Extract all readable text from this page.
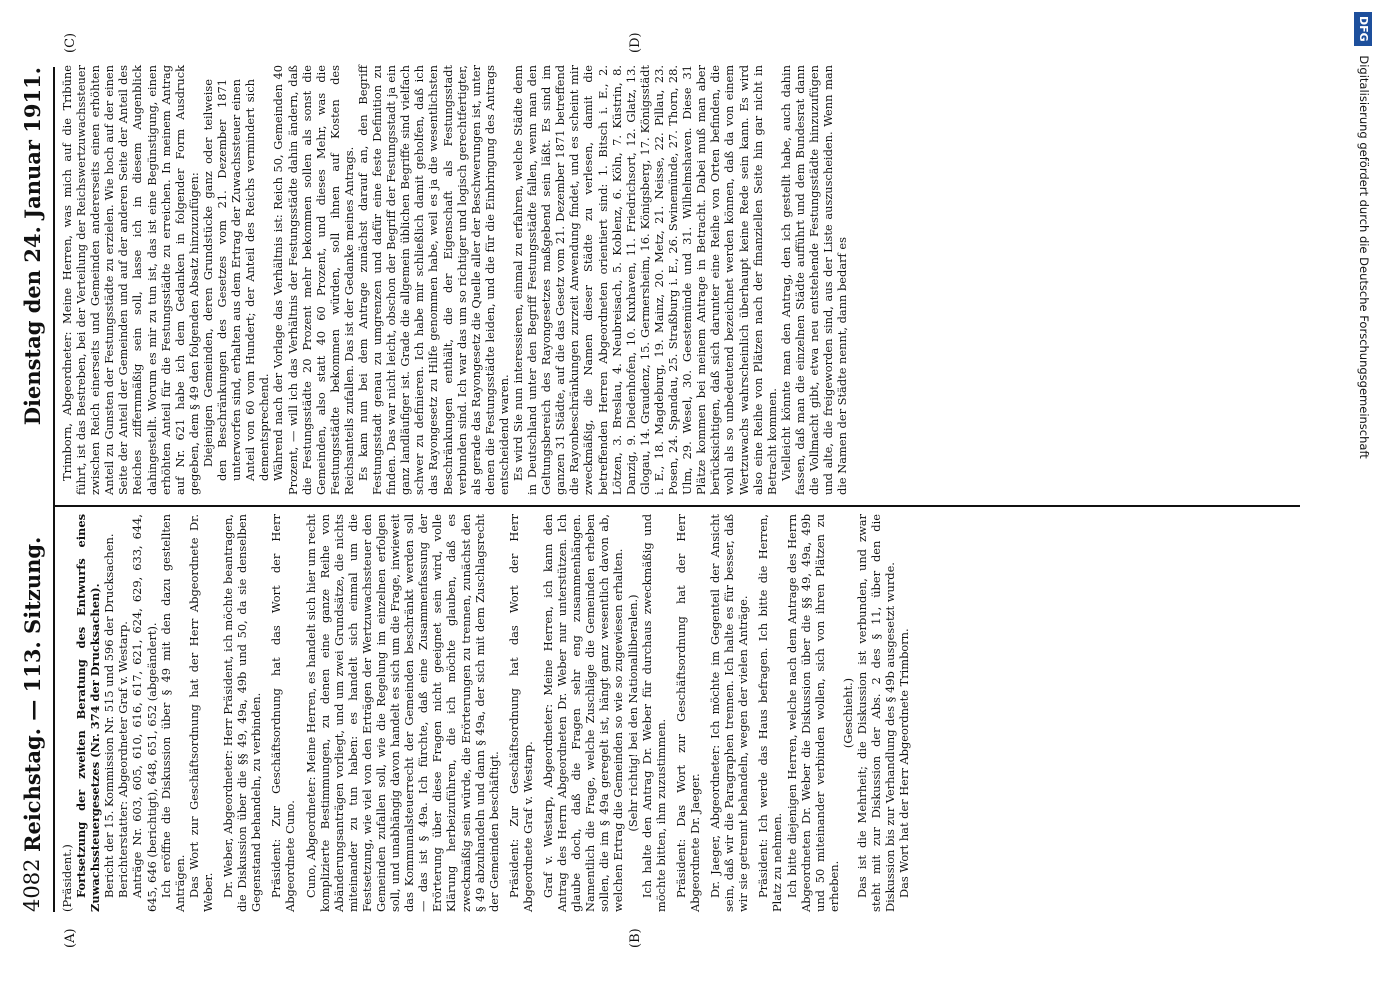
4082
Reichstag. — 113. Sitzung.
Dienstag den 24. Januar 1911.
(A)	(B)
(C)	(D)

(Präsident.) Fortsetzung der zweiten Beratung des Entwurfs eines Zuwachssteuergesetzes (Nr. 374 der Drucksachen). Bericht der 15. Kommission Nr. 515 und 596 der Drucksachen. Berichterstatter: Abgeordneter Graf v. Westarp. Anträge Nr. 603, 605, 610, 616, 617, 621, 624, 629, 633, 644, 645, 646 (berichtigt), 648, 651, 652 (abgeändert). Ich eröffne die Diskussion über § 49 mit den dazu gestellten Anträgen. Das Wort zur Geschäftsordnung hat der Herr Abgeordnete Dr. Weber. Dr. Weber, Abgeordneter: Herr Präsident, ich möchte beantragen, die Diskussion über die §§ 49, 49a, 49b und 50, da sie denselben Gegenstand behandeln, zu verbinden. Präsident: Zur Geschäftsordnung hat das Wort der Herr Abgeordnete Cuno. Cuno, Abgeordneter: Meine Herren, es handelt sich hier um recht komplizierte Bestimmungen, zu denen eine ganze Reihe von Abänderungsanträgen vorliegt, und um zwei Grundsätze, die nichts miteinander zu tun haben: es handelt sich einmal um die Festsetzung, wie viel von den Erträgen der Wertzuwachssteuer den Gemeinden zufallen soll, wie die Regelung im einzelnen erfolgen soll, und unabhängig davon handelt es sich um die Frage, inwieweit das Kommunalsteuerrecht der Gemeinden beschränkt werden soll — das ist § 49a. Ich fürchte, daß eine Zusammenfassung der Erörterung über diese Fragen nicht geeignet sein wird, volle Klärung herbeizuführen, die ich möchte glauben, daß es zweckmäßig sein würde, die Erörterungen zu trennen, zunächst den § 49 abzuhandeln und dann § 49a, der sich mit dem Zuschlagsrecht der Gemeinden beschäftigt. Präsident: Zur Geschäftsordnung hat das Wort der Herr Abgeordnete Graf v. Westarp. Graf v. Westarp, Abgeordneter: Meine Herren, ich kann den Antrag des Herrn Abgeordneten Dr. Weber nur unterstützen. Ich glaube doch, daß die Fragen sehr eng zusammenhängen. Namentlich die Frage, welche Zuschläge die Gemeinden erheben sollen, die im § 49a geregelt ist, hängt ganz wesentlich davon ab, welchen Ertrag die Gemeinden so wie so zugewiesen erhalten. (Sehr richtig! bei den Nationalliberalen.) Ich halte den Antrag Dr. Weber für durchaus zweckmäßig und möchte bitten, ihm zuzustimmen. Präsident: Das Wort zur Geschäftsordnung hat der Herr Abgeordnete Dr. Jaeger. Dr. Jaeger, Abgeordneter: Ich möchte im Gegenteil der Ansicht sein, daß wir die Paragraphen trennen. Ich halte es für besser, daß wir sie getrennt behandeln, wegen der vielen Anträge. Präsident: Ich werde das Haus befragen. Ich bitte die Herren, Platz zu nehmen. Ich bitte diejenigen Herren, welche nach dem Antrage des Herrn Abgeordneten Dr. Weber die Diskussion über die §§ 49, 49a, 49b und 50 miteinander verbinden wollen, sich von ihren Plätzen zu erheben.

(Geschieht.) Das ist die Mehrheit; die Diskussion ist verbunden, und zwar steht mit zur Diskussion der Abs. 2 des § 11, über den die Diskussion bis zur Verhandlung des § 49b ausgesetzt wurde. Das Wort hat der Herr Abgeordnete Trimborn.

Trimborn, Abgeordneter: Meine Herren, was mich auf die Tribüne führt, ist das Bestreben, bei der Verteilung der Reichswertzuwachssteuer zwischen Reich einerseits und Gemeinden andererseits einen erhöhten Anteil zu Gunsten der Festungsstädte zu erzielen. Wie hoch auf der einen Seite der Anteil der Gemeinden und auf der anderen Seite der Anteil des Reiches ziffernmäßig sein soll, lasse ich in diesem Augenblick dahingestellt. Worum es mir zu tun ist, das ist eine Begünstigung, einen erhöhten Anteil für die Festungsstädte zu erreichen. In meinem Antrag auf Nr. 621 habe ich dem Gedanken in folgender Form Ausdruck gegeben, dem § 49 den folgenden Absatz hinzuzufügen: Diejenigen Gemeinden, deren Grundstücke ganz oder teilweise den Beschränkungen des Gesetzes vom 21. Dezember 1871 unterworfen sind, erhalten aus dem Ertrag der Zuwachssteuer einen Anteil von 60 vom Hundert; der Anteil des Reichs vermindert sich dementsprechend. Während nach der Vorlage das Verhältnis ist: Reich 50, Gemeinden 40 Prozent, — will ich das Verhältnis der Festungsstädte dahin ändern, daß die Festungsstädte 20 Prozent mehr bekommen sollen als sonst die Gemeinden, also statt 40 60 Prozent, und dieses Mehr, was die Festungsstädte bekommen würden, soll ihnen auf Kosten des Reichsanteils zufallen. Das ist der Gedanke meines Antrags. Es kam nun bei dem Antrage zunächst darauf an, den Begriff Festungsstadt genau zu umgrenzen und dafür eine feste Definition zu finden. Das war nicht leicht, obschon der Begriff der Festungsstadt ja ein ganz landläufiger ist. Grade die allgemein üblichen Begriffe sind vielfach schwer zu definieren. Ich habe mir schließlich damit geholfen, daß ich das Rayongesetz zu Hilfe genommen habe, weil es ja die wesentlichsten Beschränkungen enthält, die der Eigenschaft als Festungsstadt verbunden sind. Ich war das um so richtiger und logisch gerechtfertigter, als gerade das Rayongesetz die Quelle aller der Beschwerungen ist, unter denen die Festungsstädte leiden, und die für die Einbringung des Antrags entscheidend waren. Es wird Sie nun interessieren, einmal zu erfahren, welche Städte denn in Deutschland unter den Begriff Festungsstädte fallen, wenn man den Geltungsbereich des Rayongesetzes maßgebend sein läßt. Es sind im ganzen 31 Städte, auf die das Gesetz vom 21. Dezember 1871 betreffend die Rayonbeschränkungen zurzeit Anwendung findet, und es scheint mir zweckmäßig, die Namen dieser Städte zu verlesen, damit die betreffenden Herren Abgeordneten orientiert sind: 1. Bitsch i. E., 2. Lötzen, 3. Breslau, 4. Neubreisach, 5. Koblenz, 6. Köln, 7. Küstrin, 8. Danzig, 9. Diedenhofen, 10. Kuxhaven, 11. Friedrichsort, 12. Glatz, 13. Glogau, 14. Graudenz, 15. Germersheim, 16. Königsberg, 17. Königsstädt i. E., 18. Magdeburg, 19. Mainz, 20. Metz, 21. Neisse, 22. Pillau, 23. Posen, 24. Spandau, 25. Straßburg i. E., 26. Swinemünde, 27. Thorn, 28. Ulm, 29. Wesel, 30. Geestemünde und 31. Wilhelmshaven. Diese 31 Plätze kommen bei meinem Antrage in Betracht. Dabei muß man aber berücksichtigen, daß sich darunter eine Reihe von Orten befinden, die wohl als so unbedeutend bezeichnet werden können, daß da von einem Wertzuwachs wahrscheinlich überhaupt keine Rede sein kann. Es wird also eine Reihe von Plätzen nach der finanziellen Seite hin gar nicht in Betracht kommen. Vielleicht könnte man den Antrag, den ich gestellt habe, auch dahin fassen, daß man die einzelnen Städte aufführt und dem Bundesrat dann die Vollmacht gibt, etwa neu entstehende Festungsstädte hinzuzufügen und alte, die freigeworden sind, aus der Liste auszuscheiden. Wenn man die Namen der Städte nennt, dann bedarf es

DFG Digitalisierung gefördert durch die Deutsche Forschungsgemeinschaft
